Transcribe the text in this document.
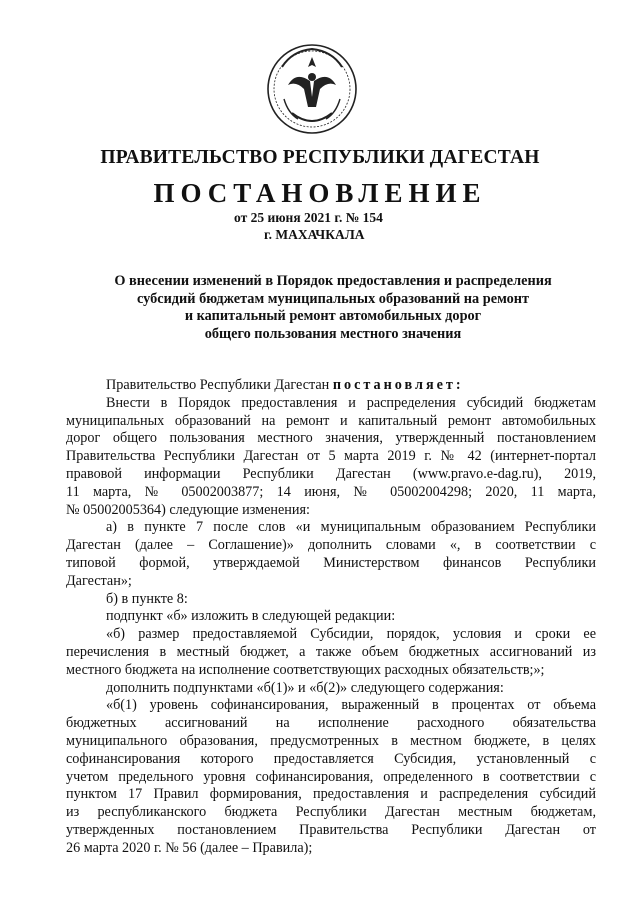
ПРАВИТЕЛЬСТВО РЕСПУБЛИКИ ДАГЕСТАН
ПОСТАНОВЛЕНИЕ
от 25 июня 2021 г. № 154
г. МАХАЧКАЛА
О внесении изменений в Порядок предоставления и распределения
субсидий бюджетам муниципальных образований на ремонт
и капитальный ремонт автомобильных дорог
общего пользования местного значения
Правительство Республики Дагестан постановляет:
Внести в Порядок предоставления и распределения субсидий бюджетам
муниципальных образований на ремонт и капитальный ремонт автомобильных
дорог общего пользования местного значения, утвержденный постановлением
Правительства Республики Дагестан от 5 марта 2019 г. № 42 (интернет-портал
правовой информации Республики Дагестан (www.pravo.e-dag.ru), 2019,
11 марта, № 05002003877; 14 июня, № 05002004298; 2020, 11 марта,
№ 05002005364) следующие изменения:
а) в пункте 7 после слов «и муниципальным образованием Республики
Дагестан (далее – Соглашение)» дополнить словами «, в соответствии с
типовой формой, утверждаемой Министерством финансов Республики
Дагестан»;
б) в пункте 8:
подпункт «б» изложить в следующей редакции:
«б) размер предоставляемой Субсидии, порядок, условия и сроки ее
перечисления в местный бюджет, а также объем бюджетных ассигнований из
местного бюджета на исполнение соответствующих расходных обязательств;»;
дополнить подпунктами «б(1)» и «б(2)» следующего содержания:
«б(1) уровень софинансирования, выраженный в процентах от объема
бюджетных ассигнований на исполнение расходного обязательства
муниципального образования, предусмотренных в местном бюджете, в целях
софинансирования которого предоставляется Субсидия, установленный с
учетом предельного уровня софинансирования, определенного в соответствии с
пунктом 17 Правил формирования, предоставления и распределения субсидий
из республиканского бюджета Республики Дагестан местным бюджетам,
утвержденных постановлением Правительства Республики Дагестан от
26 марта 2020 г. № 56 (далее – Правила);
